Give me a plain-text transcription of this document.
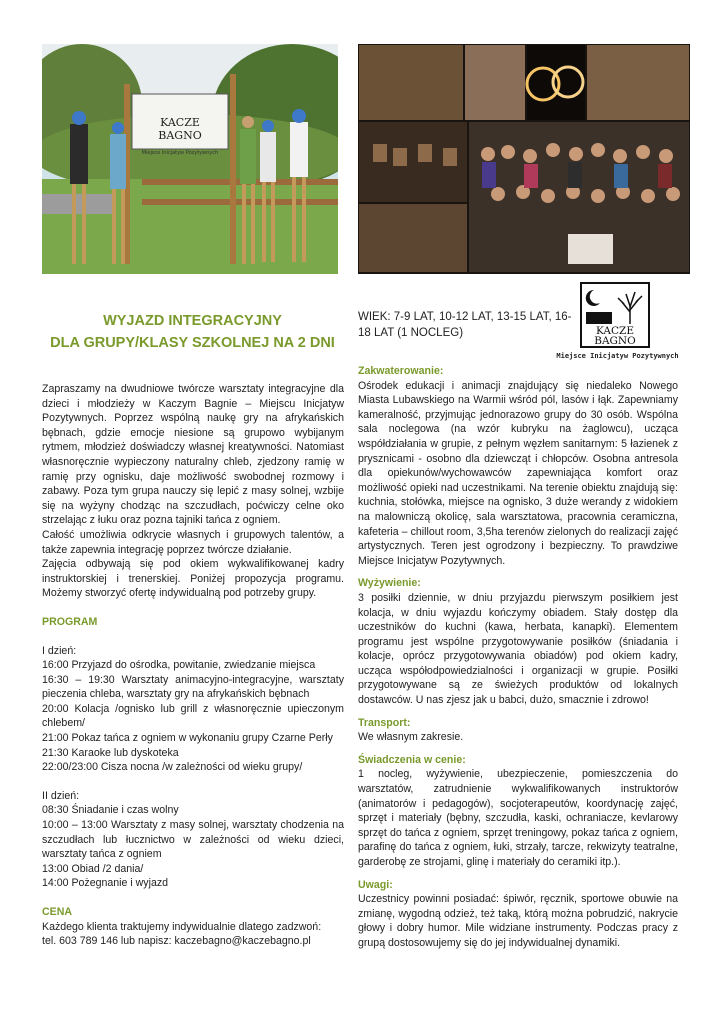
KACZE
BAGNO
Miejsce Inicjatyw Pozytywnych
WYJAZD INTEGRACYJNY
DLA GRUPY/KLASY SZKOLNEJ NA 2 DNI
WIEK: 7-9 LAT, 10-12 LAT, 13-15 LAT, 16-18 LAT (1 NOCLEG)	KACZE
BAGNO
Miejsce Inicjatyw Pozytywnych

Zapraszamy na dwudniowe twórcze warsztaty integracyjne dla dzieci i młodzieży w Kaczym Bagnie – Miejscu Inicjatyw Pozytywnych. Poprzez wspólną naukę gry na afrykańskich bębnach, gdzie emocje niesione są grupowo wybijanym rytmem, młodzież doświadczy własnej kreatywności. Natomiast własnoręcznie wypieczony naturalny chleb, zjedzony ramię w ramię przy ognisku, daje możliwość swobodnej rozmowy i zabawy. Poza tym grupa nauczy się lepić z masy solnej, wzbije się na wyżyny chodząc na szczudłach, poćwiczy celne oko strzelając z łuku oraz pozna tajniki tańca z ogniem.

Całość umożliwia odkrycie własnych i grupowych talentów, a także zapewnia integrację poprzez twórcze działanie.

Zajęcia odbywają się pod okiem wykwalifikowanej kadry instruktorskiej i trenerskiej. Poniżej propozycja programu. Możemy stworzyć ofertę indywidualną pod potrzeby grupy.

PROGRAM

I dzień:

16:00 Przyjazd do ośrodka, powitanie, zwiedzanie miejsca

16:30 – 19:30 Warsztaty animacyjno-integracyjne, warsztaty pieczenia chleba, warsztaty gry na afrykańskich bębnach

20:00 Kolacja /ognisko lub grill z własnoręcznie upieczonym chlebem/

21:00 Pokaz tańca z ogniem w wykonaniu grupy Czarne Perły

21:30 Karaoke lub dyskoteka

22:00/23:00 Cisza nocna /w zależności od wieku grupy/

II dzień:

08:30 Śniadanie i czas wolny

10:00 – 13:00 Warsztaty z masy solnej, warsztaty chodzenia na szczudłach lub łucznictwo w zależności od wieku dzieci, warsztaty tańca z ogniem

13:00 Obiad /2 dania/

14:00 Pożegnanie i wyjazd

CENA

Każdego klienta traktujemy indywidualnie dlatego zadzwoń:

tel. 603 789 146 lub napisz: kaczebagno@kaczebagno.pl

Zakwaterowanie:

Ośrodek edukacji i animacji znajdujący się niedaleko Nowego Miasta Lubawskiego na Warmii wśród pól, lasów i łąk. Zapewniamy kameralność, przyjmując jednorazowo grupy do 30 osób. Wspólna sala noclegowa (na wzór kubryku na żaglowcu), ucząca współdziałania w grupie, z pełnym węzłem sanitarnym: 5 łazienek z prysznicami - osobno dla dziewcząt i chłopców. Osobna antresola dla opiekunów/wychowawców zapewniająca komfort oraz możliwość opieki nad uczestnikami. Na terenie obiektu znajdują się: kuchnia, stołówka, miejsce na ognisko, 3 duże werandy z widokiem na malowniczą okolicę, sala warsztatowa, pracownia ceramiczna, kafeteria – chillout room, 3,5ha terenów zielonych do realizacji zajęć artystycznych. Teren jest ogrodzony i bezpieczny. To prawdziwe Miejsce Inicjatyw Pozytywnych.

Wyżywienie:

3 posiłki dziennie, w dniu przyjazdu pierwszym posiłkiem jest kolacja, w dniu wyjazdu kończymy obiadem. Stały dostęp dla uczestników do kuchni (kawa, herbata, kanapki). Elementem programu jest wspólne przygotowywanie posiłków (śniadania i kolacje, oprócz przygotowywania obiadów) pod okiem kadry, ucząca współodpowiedzialności i organizacji w grupie. Posiłki przygotowywane są ze świeżych produktów od lokalnych dostawców. U nas zjesz jak u babci, dużo, smacznie i zdrowo!

Transport:

We własnym zakresie.

Świadczenia w cenie:

1 nocleg, wyżywienie, ubezpieczenie, pomieszczenia do warsztatów, zatrudnienie wykwalifikowanych instruktorów (animatorów i pedagogów), socjoterapeutów, koordynację zajęć, sprzęt i materiały (bębny, szczudła, kaski, ochraniacze, kevlarowy sprzęt do tańca z ogniem, sprzęt treningowy, pokaz tańca z ogniem, parafinę do tańca z ogniem, łuki, strzały, tarcze, rekwizyty teatralne, garderobę ze strojami, glinę i materiały do ceramiki itp.).

Uwagi:

Uczestnicy powinni posiadać: śpiwór, ręcznik, sportowe obuwie na zmianę, wygodną odzież, też taką, którą można pobrudzić, nakrycie głowy i dobry humor. Mile widziane instrumenty. Podczas pracy z grupą dostosowujemy się do jej indywidualnej dynamiki.
